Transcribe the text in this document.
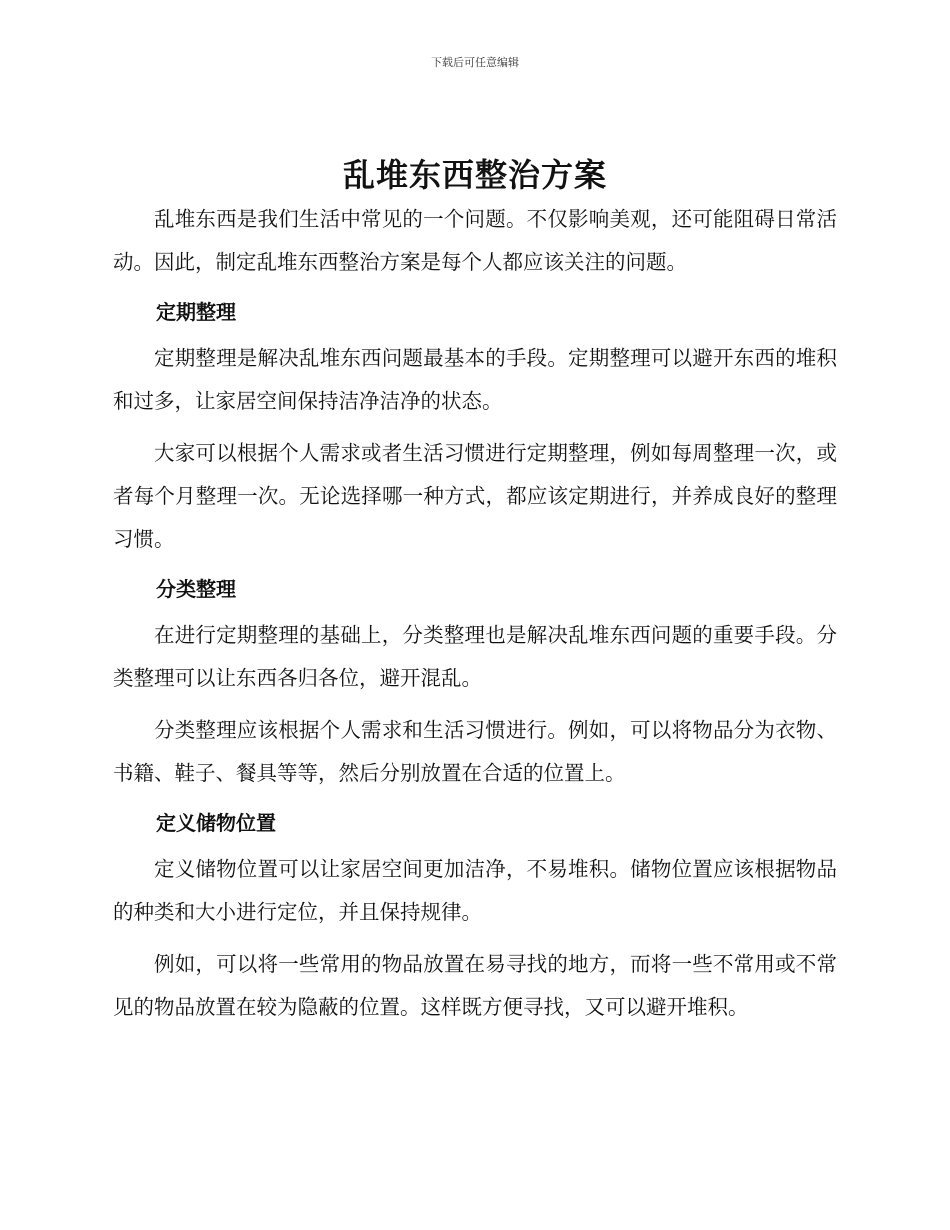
下载后可任意编辑
乱堆东西整治方案

乱堆东西是我们生活中常见的一个问题。不仅影响美观，还可能阻碍日常活动。因此，制定乱堆东西整治方案是每个人都应该关注的问题。

定期整理

定期整理是解决乱堆东西问题最基本的手段。定期整理可以避开东西的堆积和过多，让家居空间保持洁净洁净的状态。

大家可以根据个人需求或者生活习惯进行定期整理，例如每周整理一次，或者每个月整理一次。无论选择哪一种方式，都应该定期进行，并养成良好的整理习惯。

分类整理

在进行定期整理的基础上，分类整理也是解决乱堆东西问题的重要手段。分类整理可以让东西各归各位，避开混乱。

分类整理应该根据个人需求和生活习惯进行。例如，可以将物品分为衣物、书籍、鞋子、餐具等等，然后分别放置在合适的位置上。

定义储物位置

定义储物位置可以让家居空间更加洁净，不易堆积。储物位置应该根据物品的种类和大小进行定位，并且保持规律。

例如，可以将一些常用的物品放置在易寻找的地方，而将一些不常用或不常见的物品放置在较为隐蔽的位置。这样既方便寻找，又可以避开堆积。
